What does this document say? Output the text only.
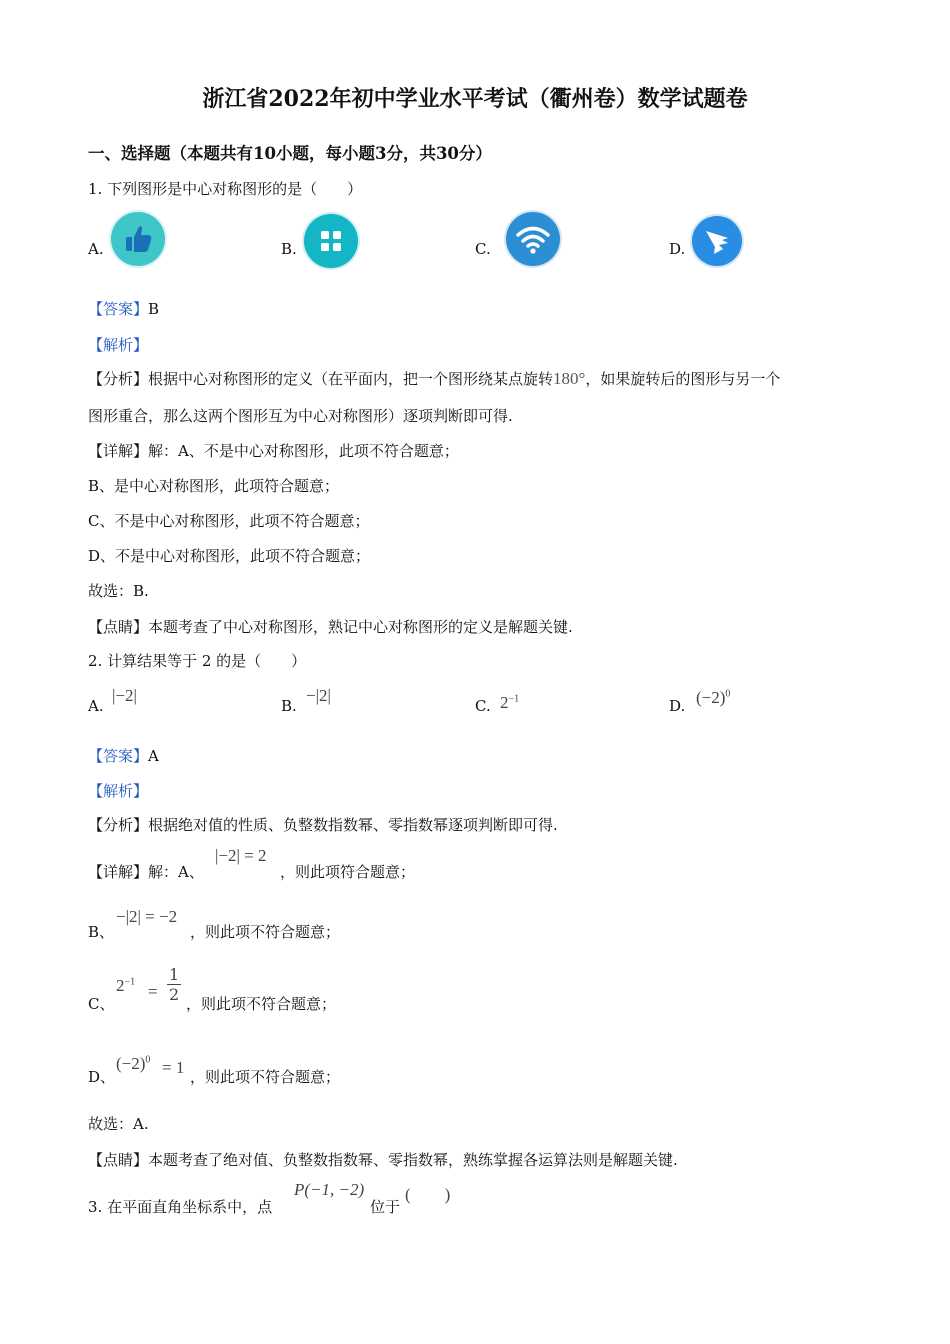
浙江省2022年初中学业水平考试（衢州卷）数学试题卷
一、选择题（本题共有10小题，每小题3分，共30分）
1. 下列图形是中心对称图形的是（　　）
A.	B.	C.	D.
【答案】B
【解析】
【分析】根据中心对称图形的定义（在平面内，把一个图形绕某点旋转180°，如果旋转后的图形与另一个
图形重合，那么这两个图形互为中心对称图形）逐项判断即可得.
【详解】解：A、不是中心对称图形，此项不符合题意；
B、是中心对称图形，此项符合题意；
C、不是中心对称图形，此项不符合题意；
D、不是中心对称图形，此项不符合题意；
故选：B.
【点睛】本题考查了中心对称图形，熟记中心对称图形的定义是解题关键.
2. 计算结果等于 2 的是（　　）
A.
|−2|
B.
−|2|
C. $2^{-1}$	D. $(-2)^0$
【答案】A
【解析】
【分析】根据绝对值的性质、负整数指数幂、零指数幂逐项判断即可得.
【详解】解：A、
|−2| = 2
，则此项符合题意；
B、
−|2| = −2
，则此项不符合题意；
C、
$2^{-1}$
= $\frac{1}{2}$ ，则此项不符合题意；
D、
$(-2)^0 = 1$ ，则此项不符合题意；
故选：A.
【点睛】本题考查了绝对值、负整数指数幂、零指数幂，熟练掌握各运算法则是解题关键.
3. 在平面直角坐标系中，点
P(−1, −2)
位于
(　　)
